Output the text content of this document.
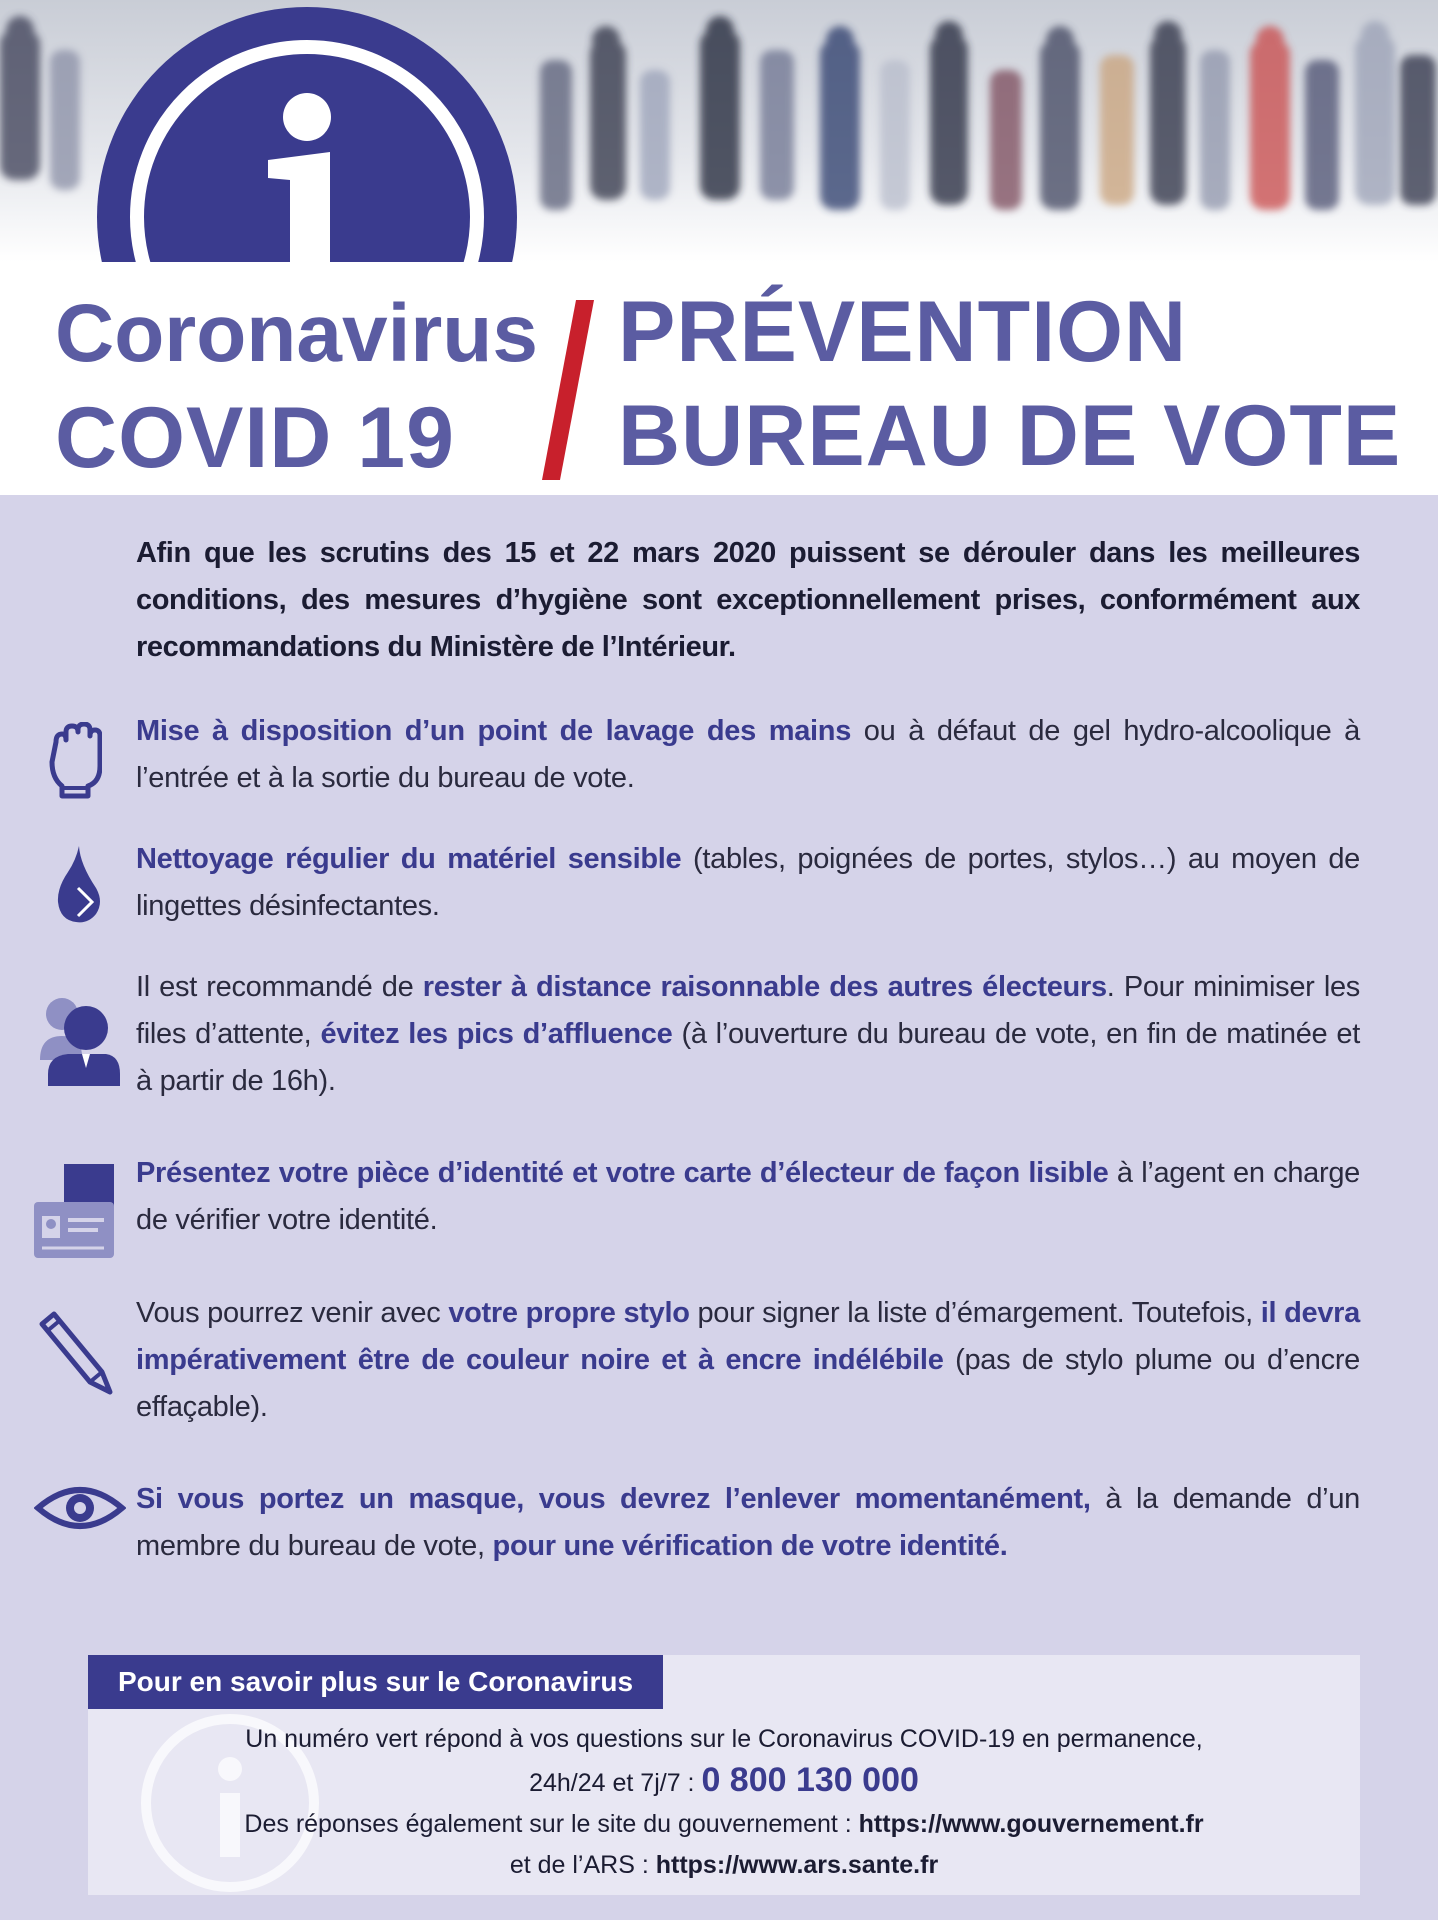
Coronavirus
COVID 19
PRÉVENTION
BUREAU DE VOTE
Afin que les scrutins des 15 et 22 mars 2020 puissent se dérouler dans les meilleures conditions, des mesures d’hygiène sont exceptionnellement prises, conformément aux recommandations du Ministère de l’Intérieur.
Mise à disposition d’un point de lavage des mains ou à défaut de gel hydro-alcoolique à l’entrée et à la sortie du bureau de vote.
Nettoyage régulier du matériel sensible (tables, poignées de portes, stylos…) au moyen de lingettes désinfectantes.
Il est recommandé de rester à distance raisonnable des autres électeurs. Pour minimiser les files d’attente, évitez les pics d’affluence (à l’ouverture du bureau de vote, en fin de matinée et à partir de 16h).
Présentez votre pièce d’identité et votre carte d’électeur de façon lisible à l’agent en charge de vérifier votre identité.
Vous pourrez venir avec votre propre stylo pour signer la liste d’émargement. Toutefois, il devra impérativement être de couleur noire et à encre indélébile (pas de stylo plume ou d’encre effaçable).
Si vous portez un masque, vous devrez l’enlever momentanément, à la demande d’un membre du bureau de vote, pour une vérification de votre identité.
Pour en savoir plus sur le Coronavirus
Un numéro vert répond à vos questions sur le Coronavirus COVID-19 en permanence,
24h/24 et 7j/7 : 0 800 130 000
Des réponses également sur le site du gouvernement : https://www.gouvernement.fr
et de l’ARS : https://www.ars.sante.fr
